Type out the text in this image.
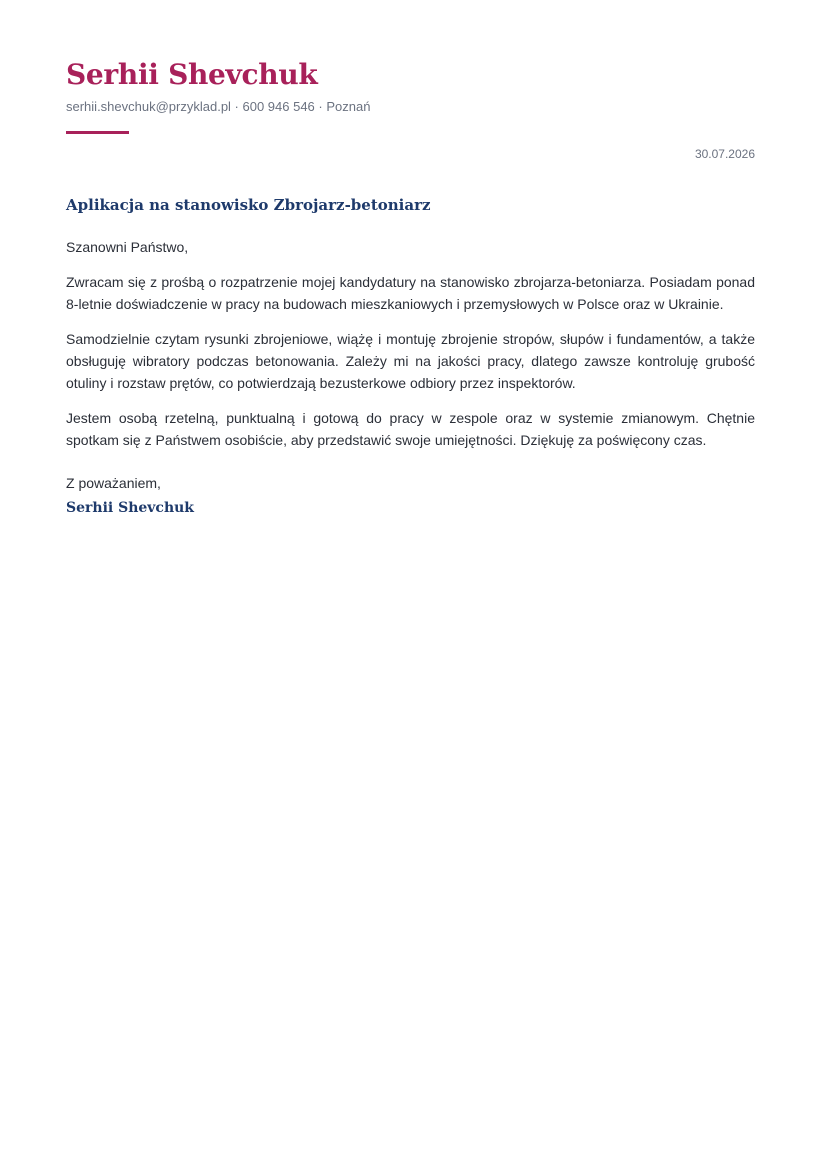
Serhii Shevchuk
serhii.shevchuk@przyklad.pl · 600 946 546 · Poznań
30.07.2026
Aplikacja na stanowisko Zbrojarz-betoniarz

Szanowni Państwo,

Zwracam się z prośbą o rozpatrzenie mojej kandydatury na stanowisko zbrojarza-betoniarza. Posiadam ponad 8-letnie doświadczenie w pracy na budowach mieszkaniowych i przemysłowych w Polsce oraz w Ukrainie.

Samodzielnie czytam rysunki zbrojeniowe, wiążę i montuję zbrojenie stropów, słupów i fundamentów, a także obsługuję wibratory podczas betonowania. Zależy mi na jakości pracy, dlatego zawsze kontroluję grubość otuliny i rozstaw prętów, co potwierdzają bezusterkowe odbiory przez inspektorów.

Jestem osobą rzetelną, punktualną i gotową do pracy w zespole oraz w systemie zmianowym. Chętnie spotkam się z Państwem osobiście, aby przedstawić swoje umiejętności. Dziękuję za poświęcony czas.

Z poważaniem,
Serhii Shevchuk
